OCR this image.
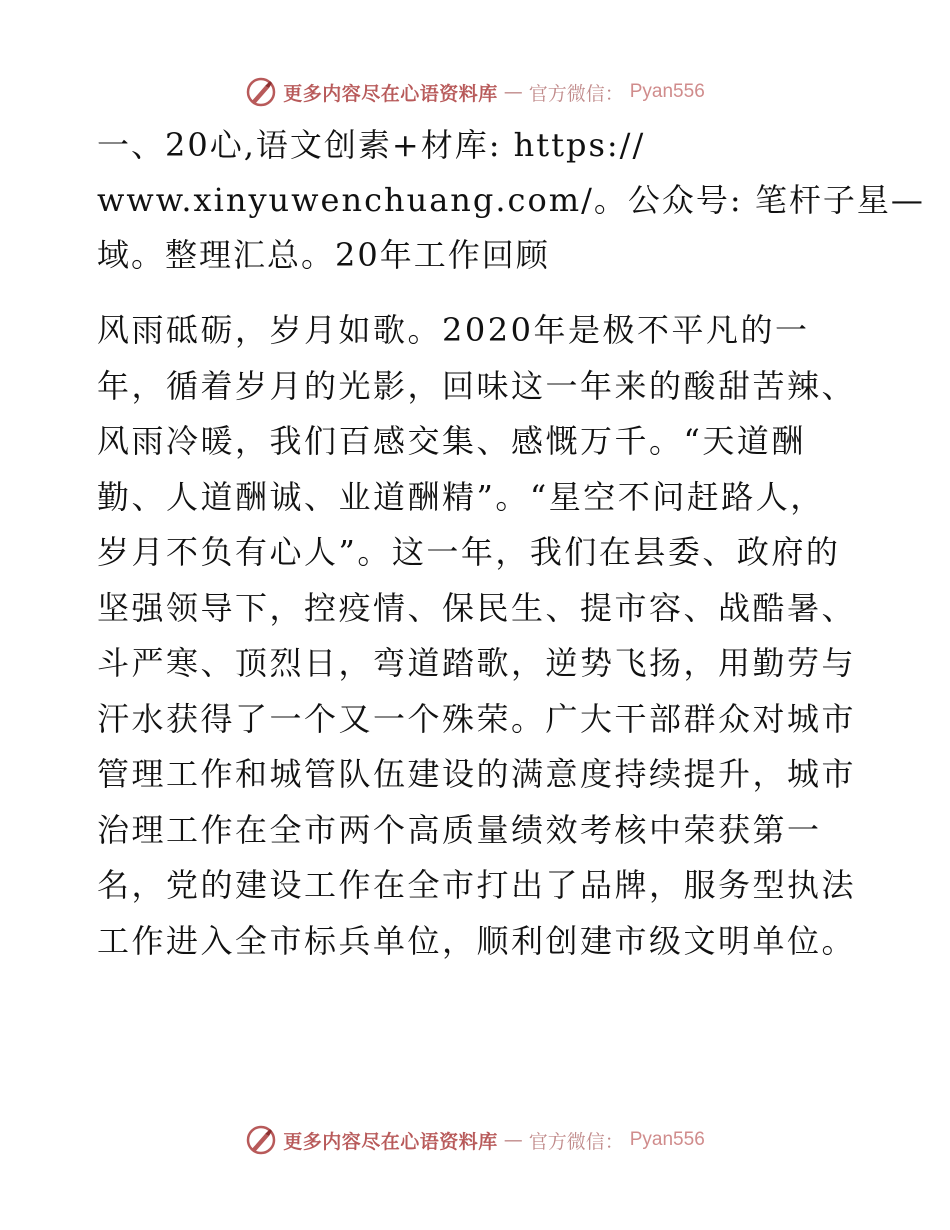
更多内容尽在心语资料库 — 官方微信： Pyan556
一、20心,语文创素+材库: https://
www.xinyuwenchuang.com/。公众号: 笔杆子星—
域。整理汇总。20年工作回顾
风雨砥砺，岁月如歌。2020年是极不平凡的一
年，循着岁月的光影，回味这一年来的酸甜苦辣、
风雨冷暖，我们百感交集、感慨万千。“天道酬
勤、人道酬诚、业道酬精”。“星空不问赶路人，
岁月不负有心人”。这一年，我们在县委、政府的
坚强领导下，控疫情、保民生、提市容、战酷暑、
斗严寒、顶烈日，弯道踏歌，逆势飞扬，用勤劳与
汗水获得了一个又一个殊荣。广大干部群众对城市
管理工作和城管队伍建设的满意度持续提升，城市
治理工作在全市两个高质量绩效考核中荣获第一
名，党的建设工作在全市打出了品牌，服务型执法
工作进入全市标兵单位，顺利创建市级文明单位。
更多内容尽在心语资料库 — 官方微信： Pyan556
